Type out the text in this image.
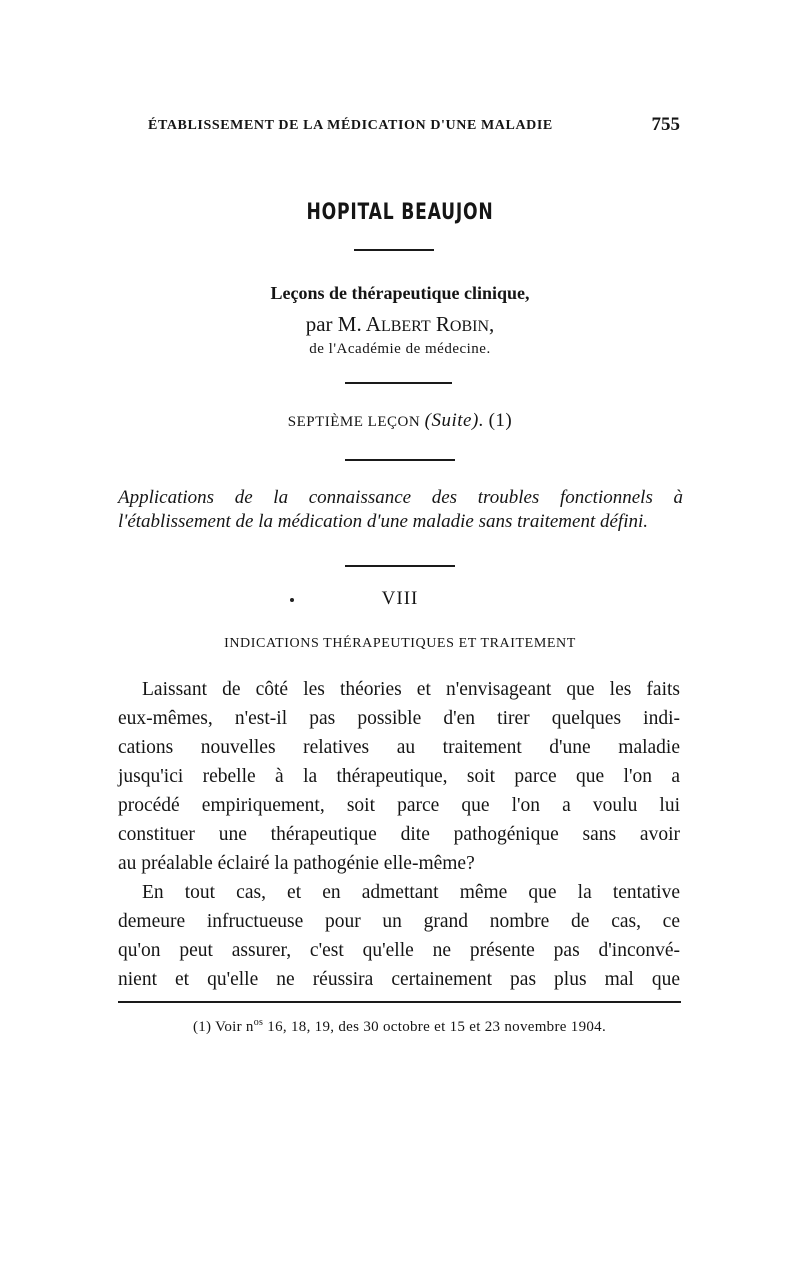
ÉTABLISSEMENT DE LA MÉDICATION D'UNE MALADIE	755
HOPITAL BEAUJON
Leçons de thérapeutique clinique,
par M. ALBERT ROBIN,
de l'Académie de médecine.
SEPTIÈME LEÇON (Suite). (1)
Applications de la connaissance des troubles fonctionnels à l'établissement de la médication d'une maladie sans traitement défini.
VIII
INDICATIONS THÉRAPEUTIQUES ET TRAITEMENT
Laissant de côté les théories et n'envisageant que les faits
eux-mêmes, n'est-il pas possible d'en tirer quelques indi-
cations nouvelles relatives au traitement d'une maladie
jusqu'ici rebelle à la thérapeutique, soit parce que l'on a
procédé empiriquement, soit parce que l'on a voulu lui
constituer une thérapeutique dite pathogénique sans avoir
au préalable éclairé la pathogénie elle-même?
En tout cas, et en admettant même que la tentative
demeure infructueuse pour un grand nombre de cas, ce
qu'on peut assurer, c'est qu'elle ne présente pas d'inconvé-
nient et qu'elle ne réussira certainement pas plus mal que
(1) Voir $n^{os}$ 16, 18, 19, des 30 octobre et 15 et 23 novembre 1904.
